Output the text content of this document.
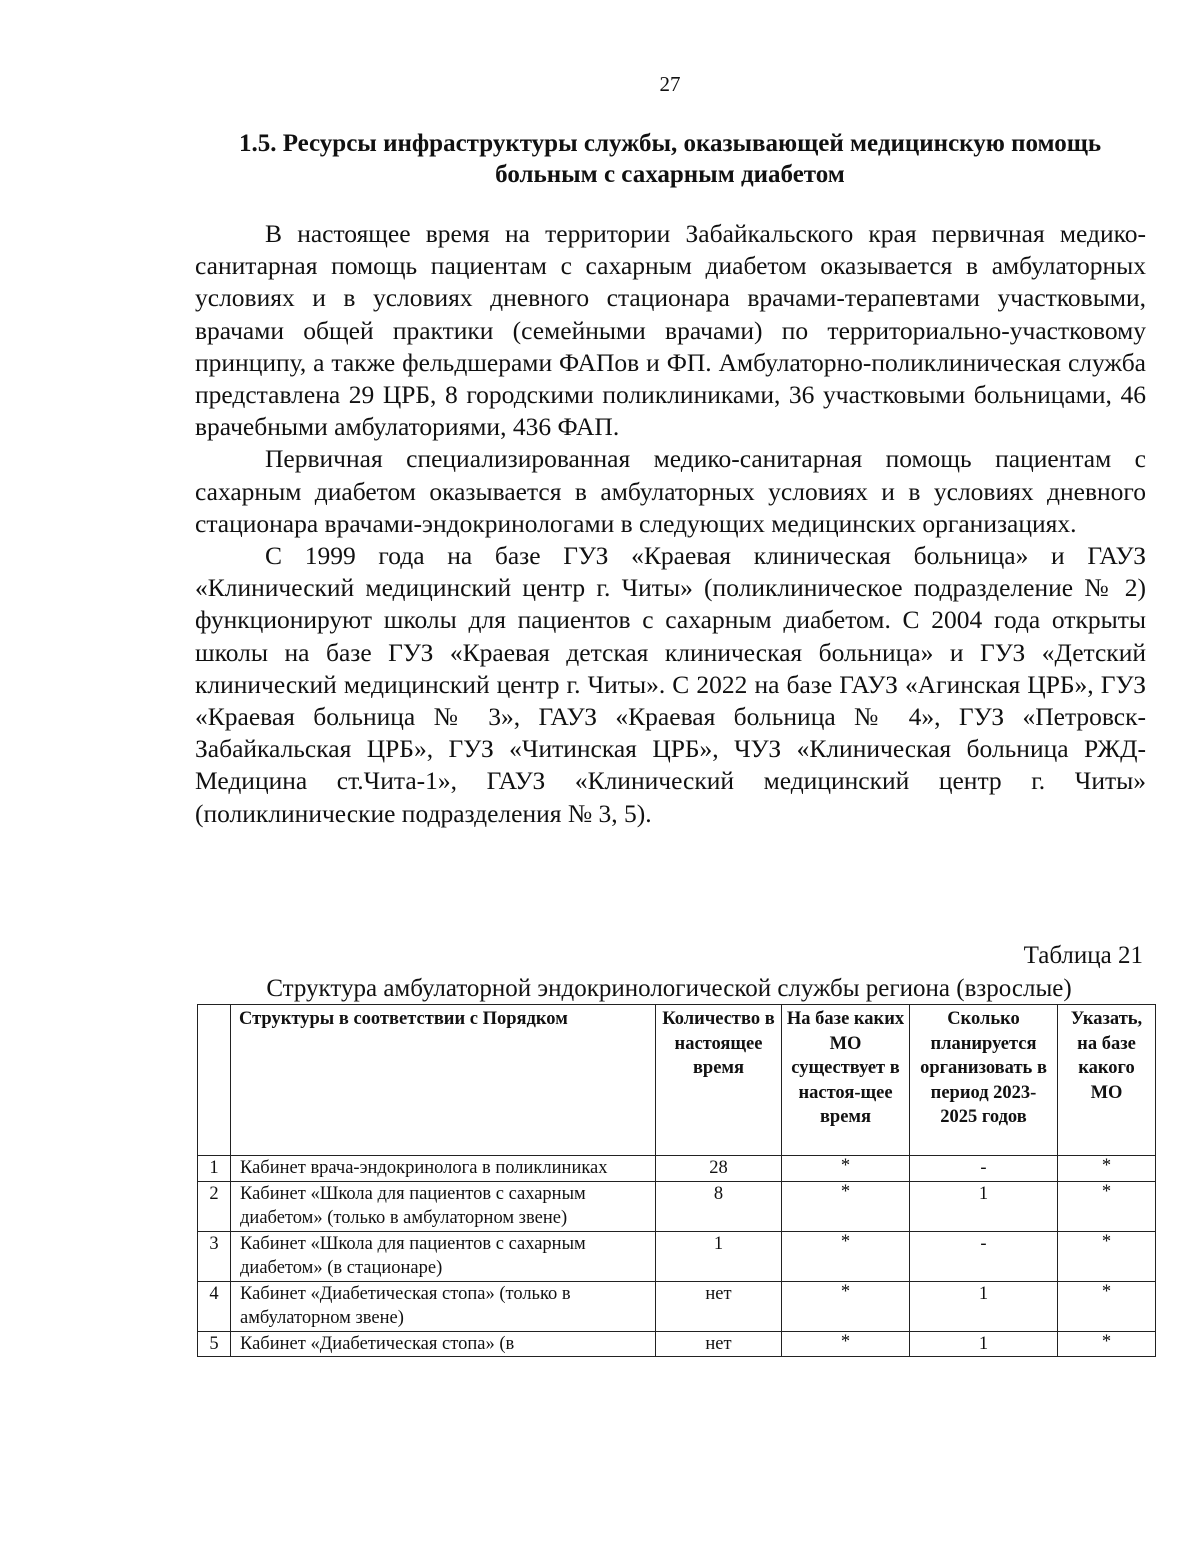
27
1.5. Ресурсы инфраструктуры службы, оказывающей медицинскую помощь больным с сахарным диабетом

В настоящее время на территории Забайкальского края первичная медико-санитарная помощь пациентам с сахарным диабетом оказывается в амбулаторных условиях и в условиях дневного стационара врачами-терапевтами участковыми, врачами общей практики (семейными врачами) по территориально-участковому принципу, а также фельдшерами ФАПов и ФП. Амбулаторно-поликлиническая служба представлена 29 ЦРБ, 8 городскими поликлиниками, 36 участковыми больницами, 46 врачебными амбулаториями, 436 ФАП.

Первичная специализированная медико-санитарная помощь пациентам с сахарным диабетом оказывается в амбулаторных условиях и в условиях дневного стационара врачами-эндокринологами в следующих медицинских организациях.

С 1999 года на базе ГУЗ «Краевая клиническая больница» и ГАУЗ «Клинический медицинский центр г. Читы» (поликлиническое подразделение № 2) функционируют школы для пациентов с сахарным диабетом. С 2004 года открыты школы на базе ГУЗ «Краевая детская клиническая больница» и ГУЗ «Детский клинический медицинский центр г. Читы». С 2022 на базе ГАУЗ «Агинская ЦРБ», ГУЗ «Краевая больница № 3», ГАУЗ «Краевая больница № 4», ГУЗ «Петровск-Забайкальская ЦРБ», ГУЗ «Читинская ЦРБ», ЧУЗ «Клиническая больница РЖД-Медицина ст.Чита-1», ГАУЗ «Клинический медицинский центр г. Читы» (поликлинические подразделения № 3, 5).

Таблица 21
Структура амбулаторной эндокринологической службы региона (взрослые)
	Структуры в соответствии с Порядком	Количество в настоящее время	На базе каких МО существует в настоя-щее время	Сколько планируется организовать в период 2023-2025 годов	Указать, на базе какого МО
1	Кабинет врача-эндокринолога в поликлиниках	28	*	-	*
2	Кабинет «Школа для пациентов с сахарным диабетом» (только в амбулаторном звене)	8	*	1	*
3	Кабинет «Школа для пациентов с сахарным диабетом» (в стационаре)	1	*	-	*
4	Кабинет «Диабетическая стопа» (только в амбулаторном звене)	нет	*	1	*
5	Кабинет «Диабетическая стопа» (в	нет	*	1	*
